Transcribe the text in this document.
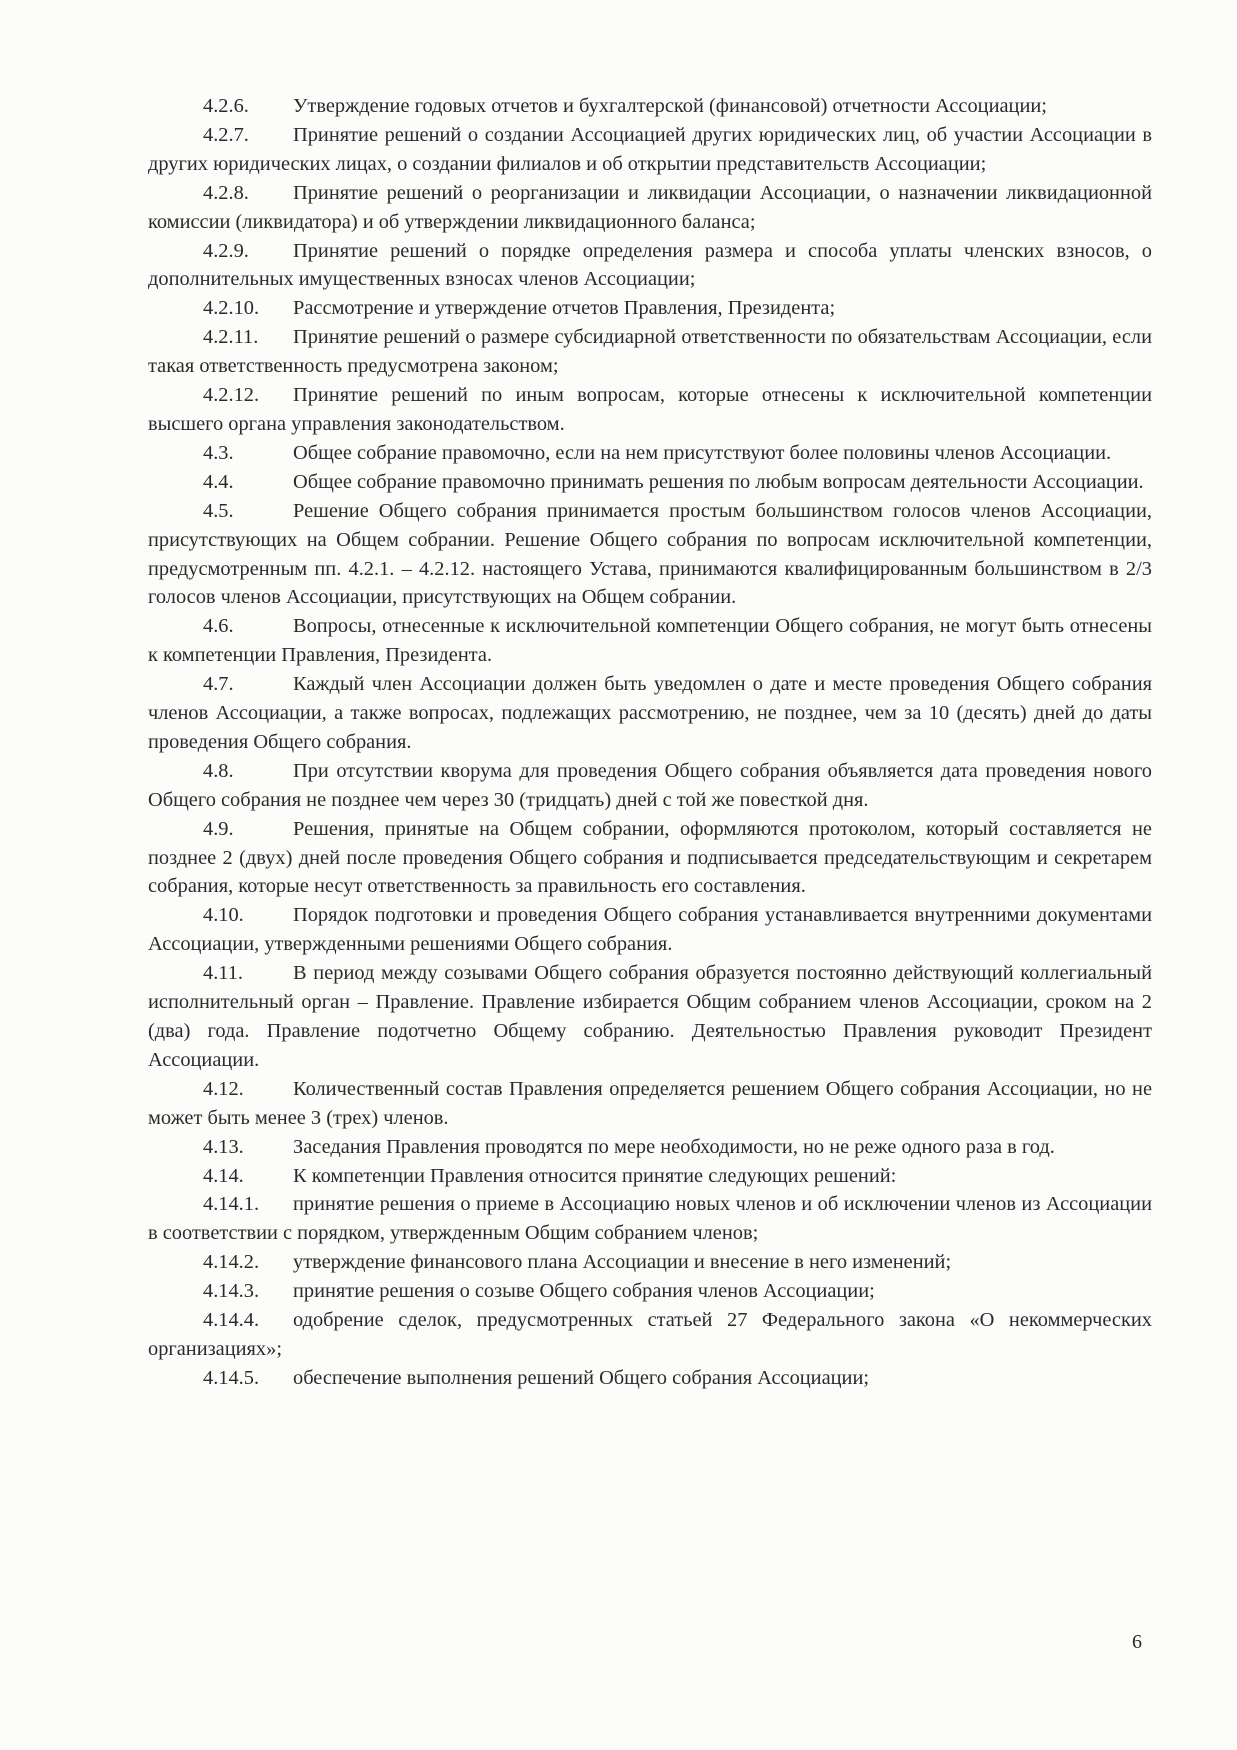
4.2.6. Утверждение годовых отчетов и бухгалтерской (финансовой) отчетности Ассоциации;

4.2.7. Принятие решений о создании Ассоциацией других юридических лиц, об участии Ассоциации в других юридических лицах, о создании филиалов и об открытии представительств Ассоциации;

4.2.8. Принятие решений о реорганизации и ликвидации Ассоциации, о назначении ликвидационной комиссии (ликвидатора) и об утверждении ликвидационного баланса;

4.2.9. Принятие решений о порядке определения размера и способа уплаты членских взносов, о дополнительных имущественных взносах членов Ассоциации;

4.2.10. Рассмотрение и утверждение отчетов Правления, Президента;

4.2.11. Принятие решений о размере субсидиарной ответственности по обязательствам Ассоциации, если такая ответственность предусмотрена законом;

4.2.12. Принятие решений по иным вопросам, которые отнесены к исключительной компетенции высшего органа управления законодательством.

4.3.	Общее собрание правомочно, если на нем присутствуют более половины членов Ассоциации.

4.4.	Общее собрание правомочно принимать решения по любым вопросам деятельности Ассоциации.

4.5.	Решение Общего собрания принимается простым большинством голосов членов Ассоциации, присутствующих на Общем собрании. Решение Общего собрания по вопросам исключительной компетенции, предусмотренным пп. 4.2.1. – 4.2.12. настоящего Устава, принимаются квалифицированным большинством в 2/3 голосов членов Ассоциации, присутствующих на Общем собрании.

4.6.	Вопросы, отнесенные к исключительной компетенции Общего собрания, не могут быть отнесены к компетенции Правления, Президента.

4.7.	Каждый член Ассоциации должен быть уведомлен о дате и месте проведения Общего собрания членов Ассоциации, а также вопросах, подлежащих рассмотрению, не позднее, чем за 10 (десять) дней до даты проведения Общего собрания.

4.8.	При отсутствии кворума для проведения Общего собрания объявляется дата проведения нового Общего собрания не позднее чем через 30 (тридцать) дней с той же повесткой дня.

4.9.	Решения, принятые на Общем собрании, оформляются протоколом, который составляется не позднее 2 (двух) дней после проведения Общего собрания и подписывается председательствующим и секретарем собрания, которые несут ответственность за правильность его составления.

4.10. Порядок подготовки и проведения Общего собрания устанавливается внутренними документами Ассоциации, утвержденными решениями Общего собрания.

4.11. В период между созывами Общего собрания образуется постоянно действующий коллегиальный исполнительный орган – Правление. Правление избирается Общим собранием членов Ассоциации, сроком на 2 (два) года. Правление подотчетно Общему собранию. Деятельностью Правления руководит Президент Ассоциации.

4.12. Количественный состав Правления определяется решением Общего собрания Ассоциации, но не может быть менее 3 (трех) членов.

4.13. Заседания Правления проводятся по мере необходимости, но не реже одного раза в год.

4.14. К компетенции Правления относится принятие следующих решений:

4.14.1. принятие решения о приеме в Ассоциацию новых членов и об исключении членов из Ассоциации в соответствии с порядком, утвержденным Общим собранием членов;

4.14.2. утверждение финансового плана Ассоциации и внесение в него изменений;

4.14.3. принятие решения о созыве Общего собрания членов Ассоциации;

4.14.4. одобрение сделок, предусмотренных статьей 27 Федерального закона «О некоммерческих организациях»;

4.14.5. обеспечение выполнения решений Общего собрания Ассоциации;

6
